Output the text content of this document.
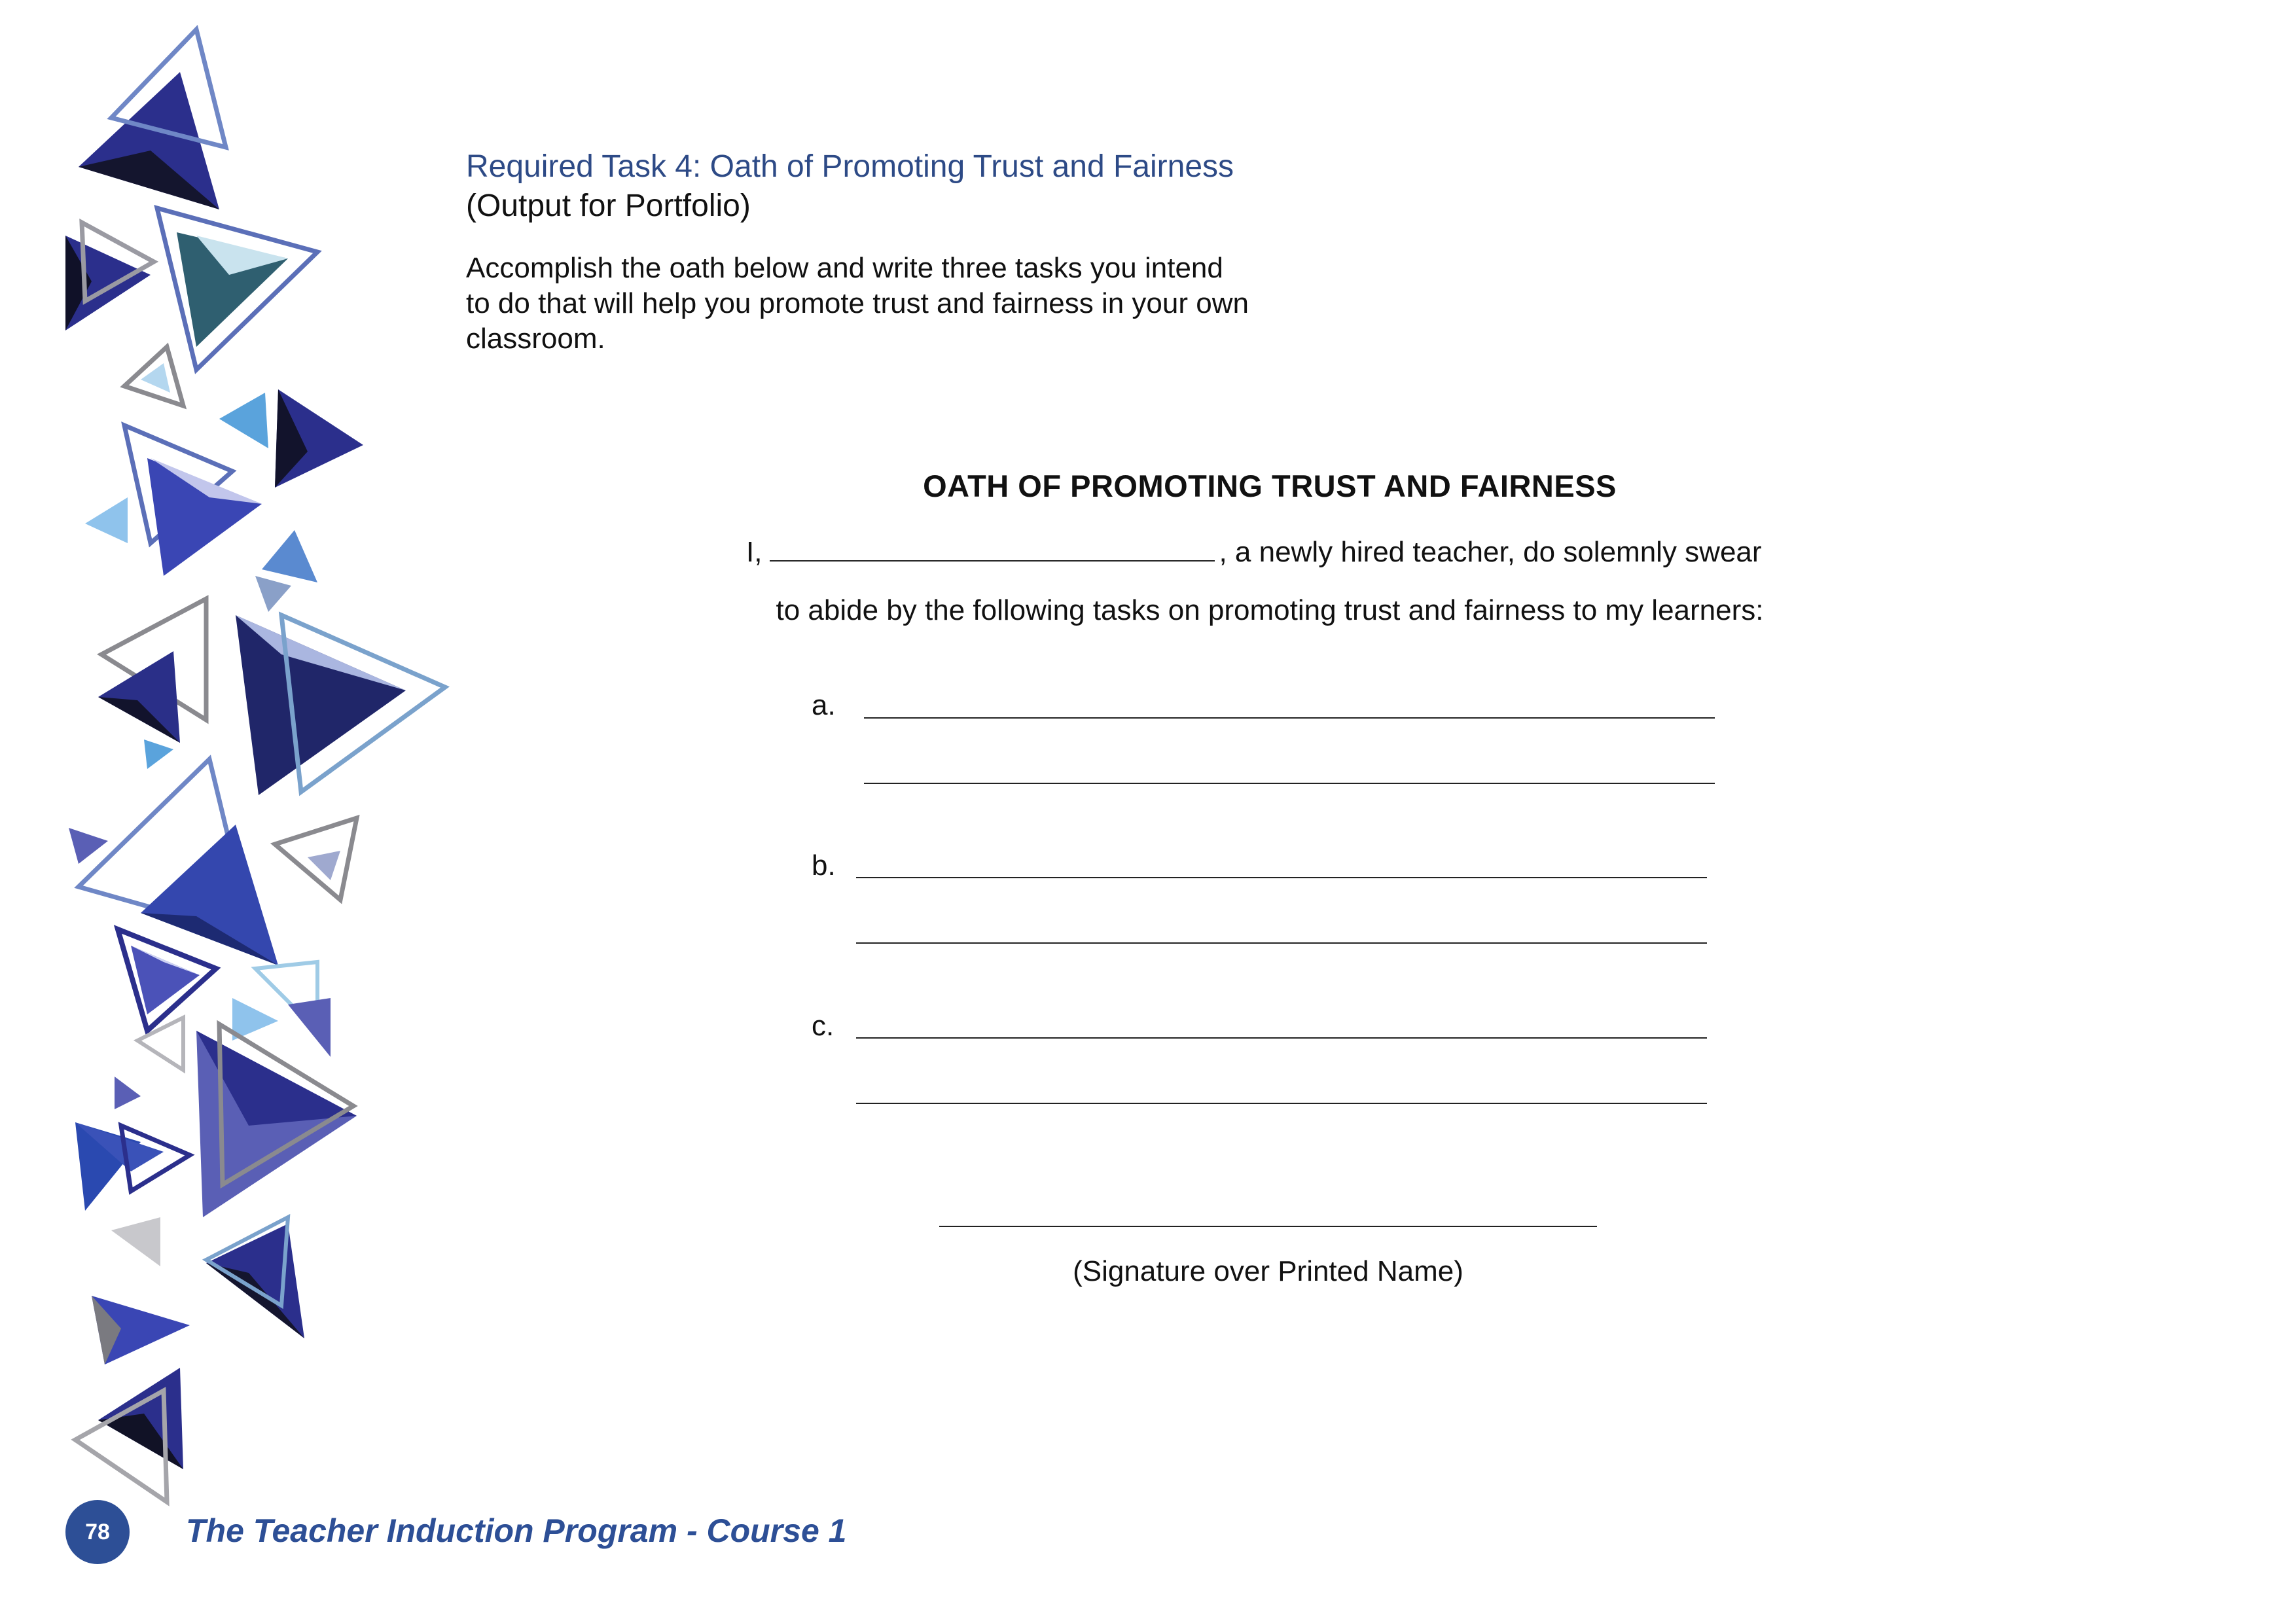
Required Task 4: Oath of Promoting Trust and Fairness

(Output for Portfolio)

Accomplish the oath below and write three tasks you intend to do that will help you promote trust and fairness in your own classroom.
OATH OF PROMOTING TRUST AND FAIRNESS
I,	, a newly hired teacher, do solemnly swear
to abide by the following tasks on promoting trust and fairness to my learners:
a.
b.
c.
(Signature over Printed Name)
78	The Teacher Induction Program - Course 1
